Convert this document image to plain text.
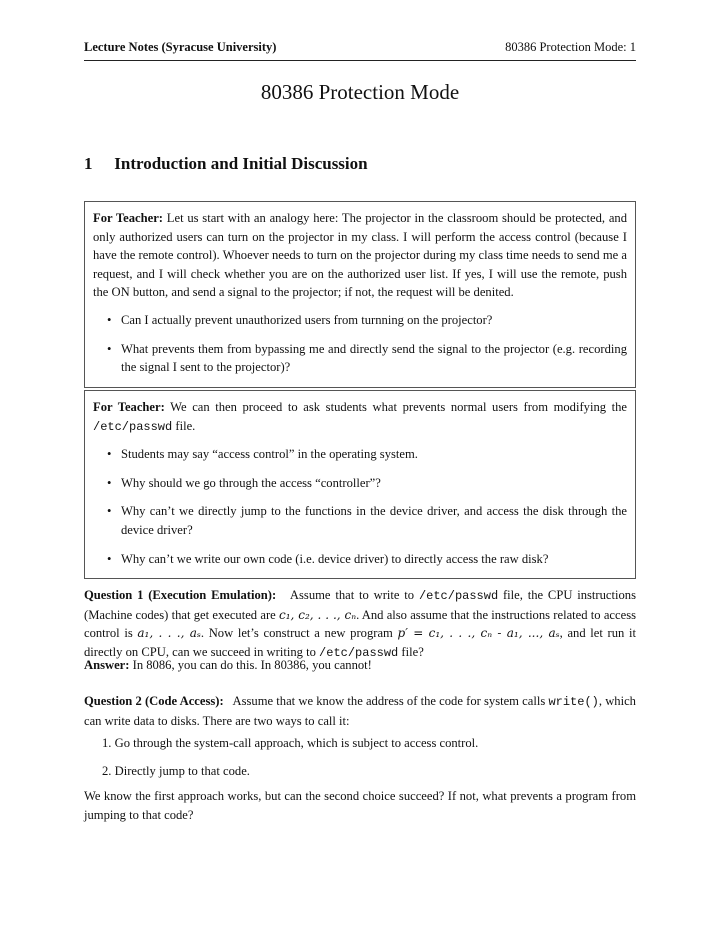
Lecture Notes (Syracuse University)	80386 Protection Mode: 1
80386 Protection Mode
1 Introduction and Initial Discussion
For Teacher: Let us start with an analogy here: The projector in the classroom should be protected, and only authorized users can turn on the projector in my class. I will perform the access control (because I have the remote control). Whoever needs to turn on the projector during my class time needs to send me a request, and I will check whether you are on the authorized user list. If yes, I will use the remote, push the ON button, and send a signal to the projector; if not, the request will be denited.
• Can I actually prevent unauthorized users from turnning on the projector?
• What prevents them from bypassing me and directly send the signal to the projector (e.g. recording the signal I sent to the projector)?
For Teacher: We can then proceed to ask students what prevents normal users from modifying the /etc/passwd file.
• Students may say “access control” in the operating system.
• Why should we go through the access “controller”?
• Why can’t we directly jump to the functions in the device driver, and access the disk through the device driver?
• Why can’t we write our own code (i.e. device driver) to directly access the raw disk?
Question 1 (Execution Emulation): Assume that to write to /etc/passwd file, the CPU instructions (Machine codes) that get executed are c₁, c₂, . . ., cₙ. And also assume that the instructions related to access control is a₁, . . ., aₛ. Now let’s construct a new program p′ = c₁, . . ., cₙ - a₁, ..., aₛ, and let run it directly on CPU, can we succeed in writing to /etc/passwd file?
Answer: In 8086, you can do this. In 80386, you cannot!
Question 2 (Code Access): Assume that we know the address of the code for system calls write(), which can write data to disks. There are two ways to call it:
1. Go through the system-call approach, which is subject to access control.
2. Directly jump to that code.
We know the first approach works, but can the second choice succeed? If not, what prevents a program from jumping to that code?
